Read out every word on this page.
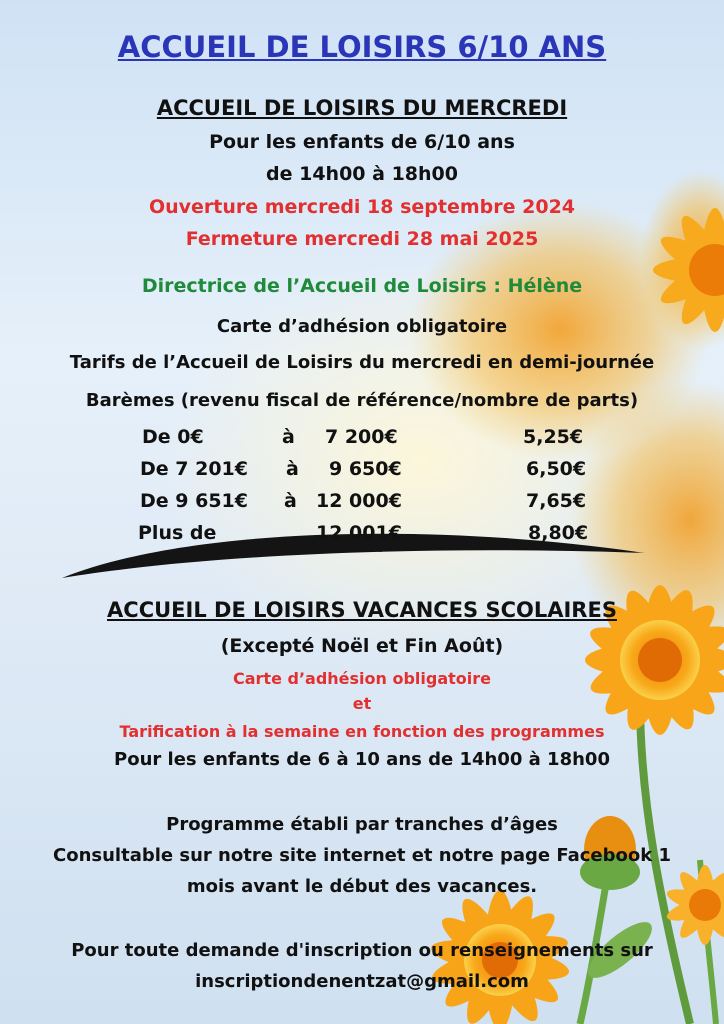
ACCUEIL DE LOISIRS 6/10 ANS
ACCUEIL DE LOISIRS DU MERCREDI
Pour les enfants de 6/10 ans
de 14h00 à 18h00
Ouverture mercredi 18 septembre 2024
Fermeture mercredi 28 mai 2025
Directrice de l’Accueil de Loisirs : Hélène
Carte d’adhésion obligatoire
Tarifs de l’Accueil de Loisirs du mercredi en demi-journée
Barèmes (revenu fiscal de référence/nombre de parts)
De 0€	à 7 200€	5,25€
De 7 201€ à 9 650€	6,50€
De 9 651€ à 12 000€	7,65€
Plus de	12 001€	8,80€
ACCUEIL DE LOISIRS VACANCES SCOLAIRES
(Excepté Noël et Fin Août)
Carte d’adhésion obligatoire
et
Tarification à la semaine en fonction des programmes
Pour les enfants de 6 à 10 ans de 14h00 à 18h00
Programme établi par tranches d’âges
Consultable sur notre site internet et notre page Facebook 1
mois avant le début des vacances.
Pour toute demande d'inscription ou renseignements sur
inscriptiondenentzat@gmail.com
